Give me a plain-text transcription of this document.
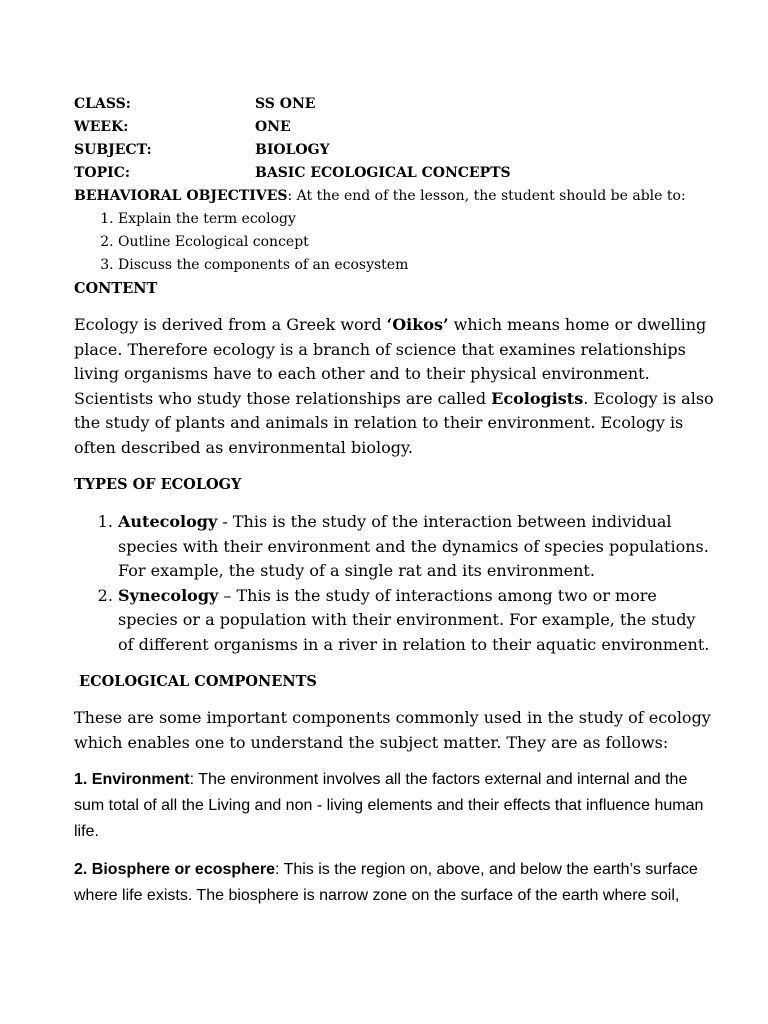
CLASS:	SS ONE
WEEK:	ONE
SUBJECT:	BIOLOGY
TOPIC:	BASIC ECOLOGICAL CONCEPTS
BEHAVIORAL OBJECTIVES: At the end of the lesson, the student should be able to:
1. Explain the term ecology
2. Outline Ecological concept
3. Discuss the components of an ecosystem
CONTENT

Ecology is derived from a Greek word ‘Oikos’ which means home or dwelling place. Therefore ecology is a branch of science that examines relationships living organisms have to each other and to their physical environment. Scientists who study those relationships are called Ecologists. Ecology is also the study of plants and animals in relation to their environment. Ecology is often described as environmental biology.

TYPES OF ECOLOGY
1. Autecology - This is the study of the interaction between individual species with their environment and the dynamics of species populations. For example, the study of a single rat and its environment.
2. Synecology – This is the study of interactions among two or more species or a population with their environment. For example, the study of different organisms in a river in relation to their aquatic environment.
ECOLOGICAL COMPONENTS

These are some important components commonly used in the study of ecology which enables one to understand the subject matter. They are as follows:

1. Environment: The environment involves all the factors external and internal and the sum total of all the Living and non - living elements and their effects that influence human life.

2. Biosphere or ecosphere: This is the region on, above, and below the earth’s surface where life exists. The biosphere is narrow zone on the surface of the earth where soil,
